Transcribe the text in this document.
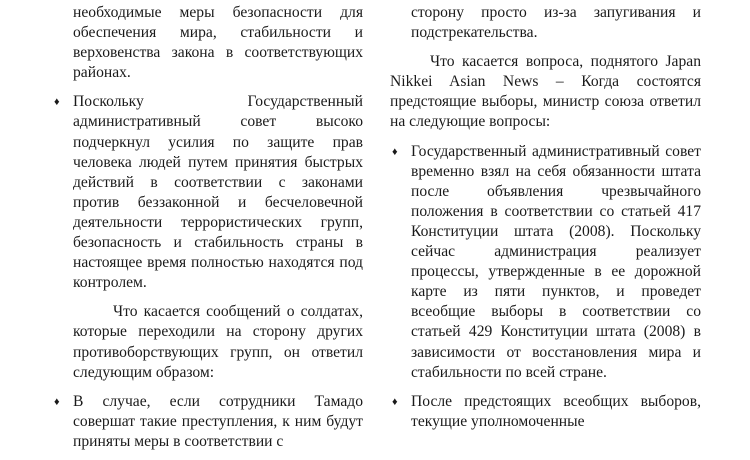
необходимые меры безопасности для обеспечения мира, стабильности и верховенства закона в соответствующих районах.

♦ Поскольку Государственный административный совет высоко подчеркнул усилия по защите прав человека людей путем принятия быстрых действий в соответствии с законами против беззаконной и бесчеловечной деятельности террористических групп, безопасность и стабильность страны в настоящее время полностью находятся под контролем.

Что касается сообщений о солдатах, которые переходили на сторону других противоборствующих групп, он ответил следующим образом:

♦ В случае, если сотрудники Тамадо совершат такие преступления, к ним будут приняты меры в соответствии с

сторону просто из-за запугивания и подстрекательства.

Что касается вопроса, поднятого Japan Nikkei Asian News – Когда состоятся предстоящие выборы, министр союза ответил на следующие вопросы:

♦ Государственный административный совет временно взял на себя обязанности штата после объявления чрезвычайного положения в соответствии со статьей 417 Конституции штата (2008). Поскольку сейчас администрация реализует процессы, утвержденные в ее дорожной карте из пяти пунктов, и проведет всеобщие выборы в соответствии со статьей 429 Конституции штата (2008) в зависимости от восстановления мира и стабильности по всей стране.
♦ После предстоящих всеобщих выборов, текущие уполномоченные
